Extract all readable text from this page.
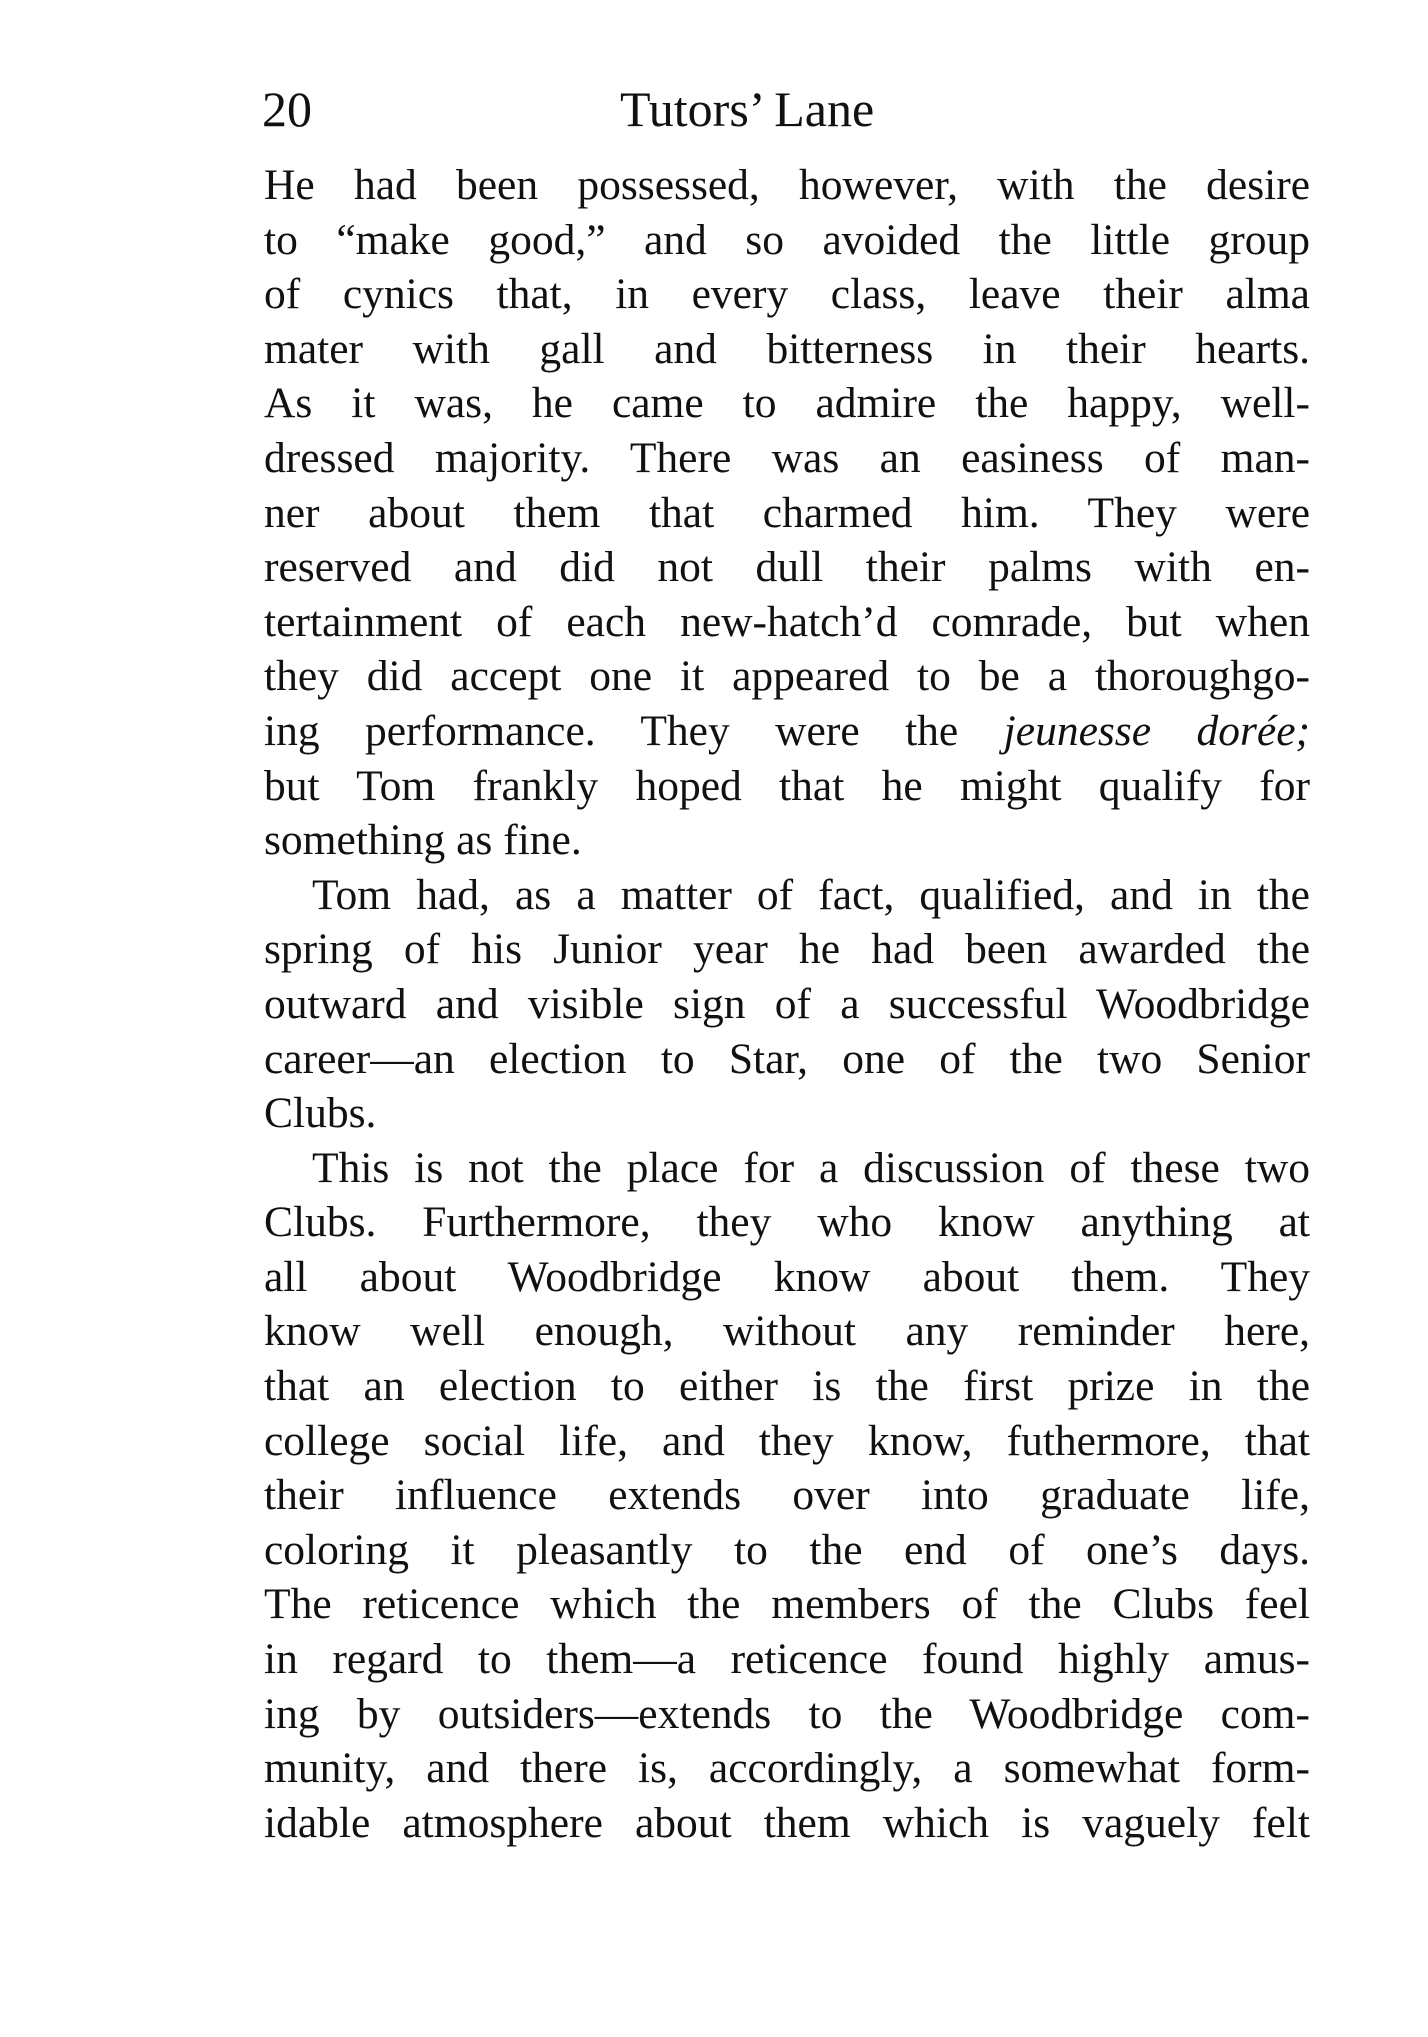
20	Tutors’ Lane
He had been possessed, however, with the desire
to “make good,” and so avoided the little group
of cynics that, in every class, leave their alma
mater with gall and bitterness in their hearts.
As it was, he came to admire the happy, well-
dressed majority. There was an easiness of man-
ner about them that charmed him. They were
reserved and did not dull their palms with en-
tertainment of each new-hatch’d comrade, but when
they did accept one it appeared to be a thoroughgo-
ing performance. They were the jeunesse dorée;
but Tom frankly hoped that he might qualify for
something as fine.
Tom had, as a matter of fact, qualified, and in the
spring of his Junior year he had been awarded the
outward and visible sign of a successful Woodbridge
career—an election to Star, one of the two Senior
Clubs.
This is not the place for a discussion of these two
Clubs. Furthermore, they who know anything at
all about Woodbridge know about them. They
know well enough, without any reminder here,
that an election to either is the first prize in the
college social life, and they know, futhermore, that
their influence extends over into graduate life,
coloring it pleasantly to the end of one’s days.
The reticence which the members of the Clubs feel
in regard to them—a reticence found highly amus-
ing by outsiders—extends to the Woodbridge com-
munity, and there is, accordingly, a somewhat form-
idable atmosphere about them which is vaguely felt
